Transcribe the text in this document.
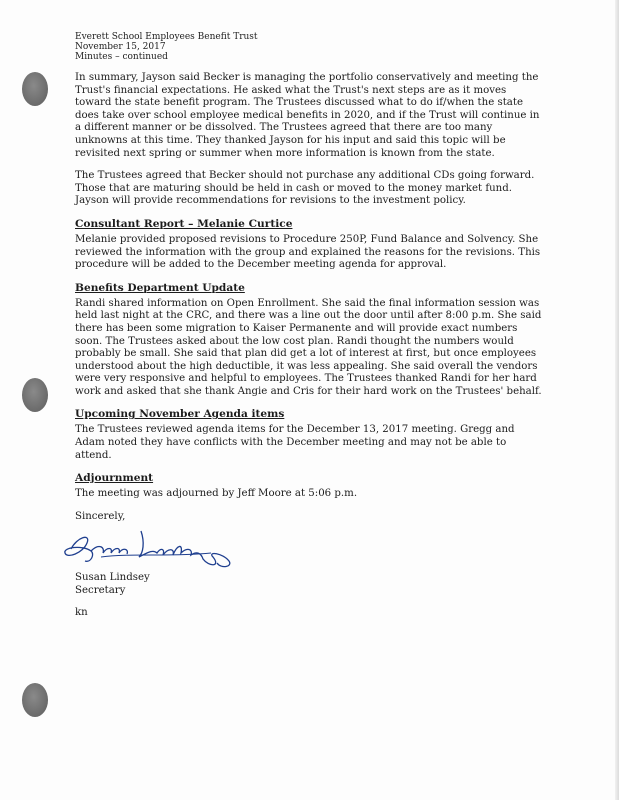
Everett School Employees Benefit Trust
November 15, 2017
Minutes – continued

In summary, Jayson said Becker is managing the portfolio conservatively and meeting the Trust's financial expectations. He asked what the Trust's next steps are as it moves toward the state benefit program. The Trustees discussed what to do if/when the state does take over school employee medical benefits in 2020, and if the Trust will continue in a different manner or be dissolved. The Trustees agreed that there are too many unknowns at this time. They thanked Jayson for his input and said this topic will be revisited next spring or summer when more information is known from the state.

The Trustees agreed that Becker should not purchase any additional CDs going forward. Those that are maturing should be held in cash or moved to the money market fund. Jayson will provide recommendations for revisions to the investment policy.

Consultant Report – Melanie Curtice

Melanie provided proposed revisions to Procedure 250P, Fund Balance and Solvency. She reviewed the information with the group and explained the reasons for the revisions. This procedure will be added to the December meeting agenda for approval.

Benefits Department Update

Randi shared information on Open Enrollment. She said the final information session was held last night at the CRC, and there was a line out the door until after 8:00 p.m. She said there has been some migration to Kaiser Permanente and will provide exact numbers soon. The Trustees asked about the low cost plan. Randi thought the numbers would probably be small. She said that plan did get a lot of interest at first, but once employees understood about the high deductible, it was less appealing. She said overall the vendors were very responsive and helpful to employees. The Trustees thanked Randi for her hard work and asked that she thank Angie and Cris for their hard work on the Trustees' behalf.

Upcoming November Agenda items

The Trustees reviewed agenda items for the December 13, 2017 meeting. Gregg and Adam noted they have conflicts with the December meeting and may not be able to attend.

Adjournment

The meeting was adjourned by Jeff Moore at 5:06 p.m.

Sincerely,
Susan Lindsey
Secretary
kn
